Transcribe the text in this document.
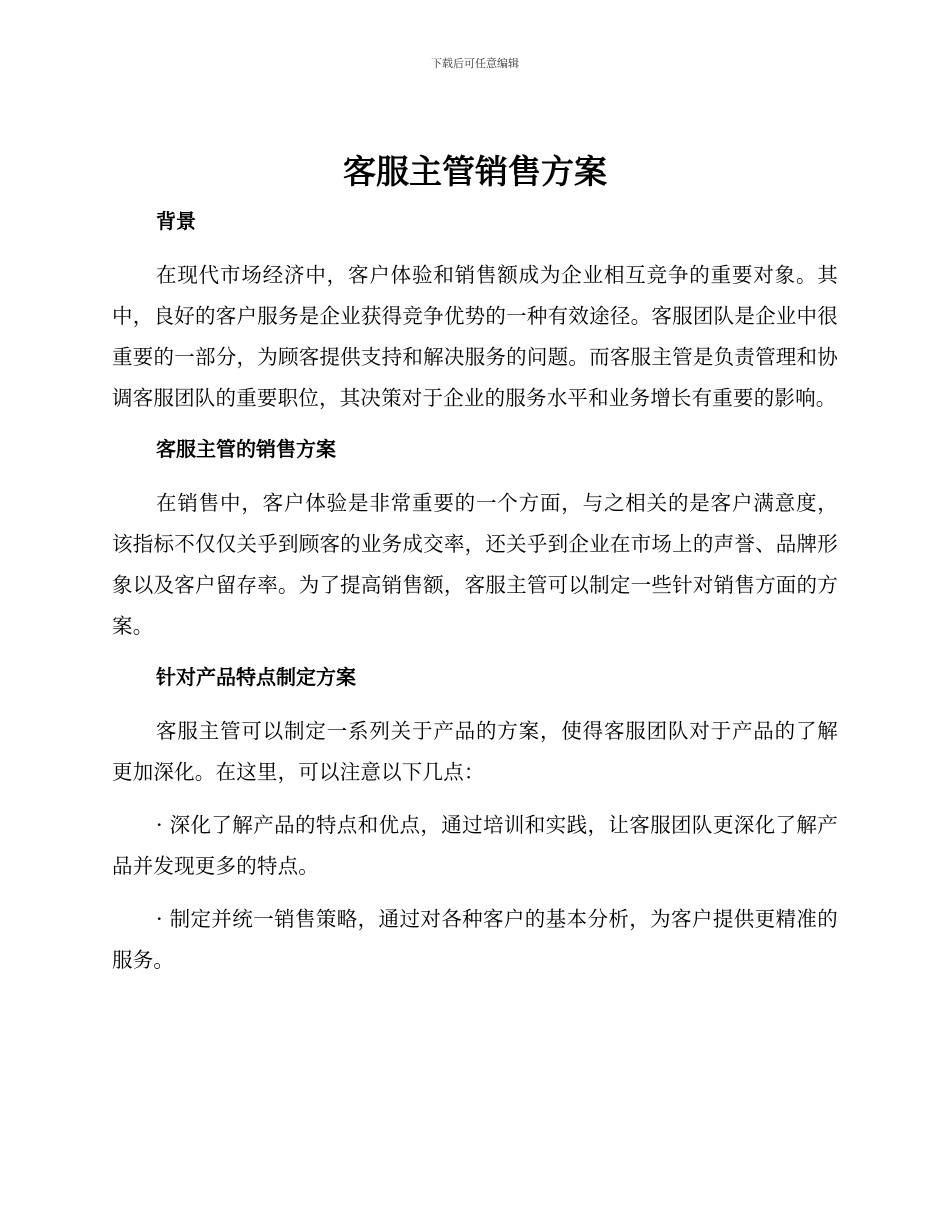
下载后可任意编辑
客服主管销售方案
背景

在现代市场经济中，客户体验和销售额成为企业相互竞争的重要对象。其中，良好的客户服务是企业获得竞争优势的一种有效途径。客服团队是企业中很重要的一部分，为顾客提供支持和解决服务的问题。而客服主管是负责管理和协调客服团队的重要职位，其决策对于企业的服务水平和业务增长有重要的影响。

客服主管的销售方案

在销售中，客户体验是非常重要的一个方面，与之相关的是客户满意度，该指标不仅仅关乎到顾客的业务成交率，还关乎到企业在市场上的声誉、品牌形象以及客户留存率。为了提高销售额，客服主管可以制定一些针对销售方面的方案。

针对产品特点制定方案

客服主管可以制定一系列关于产品的方案，使得客服团队对于产品的了解更加深化。在这里，可以注意以下几点：

· 深化了解产品的特点和优点，通过培训和实践，让客服团队更深化了解产品并发现更多的特点。

· 制定并统一销售策略，通过对各种客户的基本分析，为客户提供更精准的服务。
